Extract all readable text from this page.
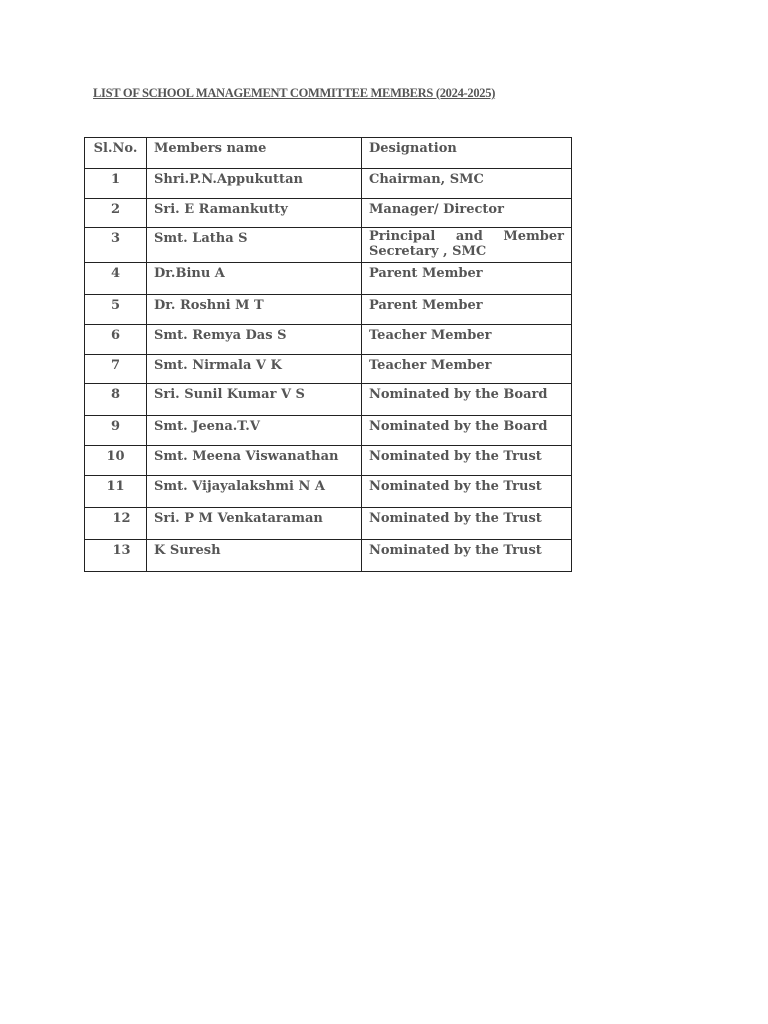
LIST OF SCHOOL MANAGEMENT COMMITTEE MEMBERS (2024-2025)
Sl.No.	Members name	Designation
1	Shri.P.N.Appukuttan	Chairman, SMC
2	Sri. E Ramankutty	Manager/ Director
3	Smt. Latha S	Principal and Member
Secretary , SMC

4	Dr.Binu A	Parent Member
5	Dr. Roshni M T	Parent Member
6	Smt. Remya Das S	Teacher Member
7	Smt. Nirmala V K	Teacher Member
8	Sri. Sunil Kumar V S	Nominated by the Board
9	Smt. Jeena.T.V	Nominated by the Board
10	Smt. Meena Viswanathan	Nominated by the Trust
11	Smt. Vijayalakshmi N A	Nominated by the Trust
12	Sri. P M Venkataraman	Nominated by the Trust
13	K Suresh	Nominated by the Trust
